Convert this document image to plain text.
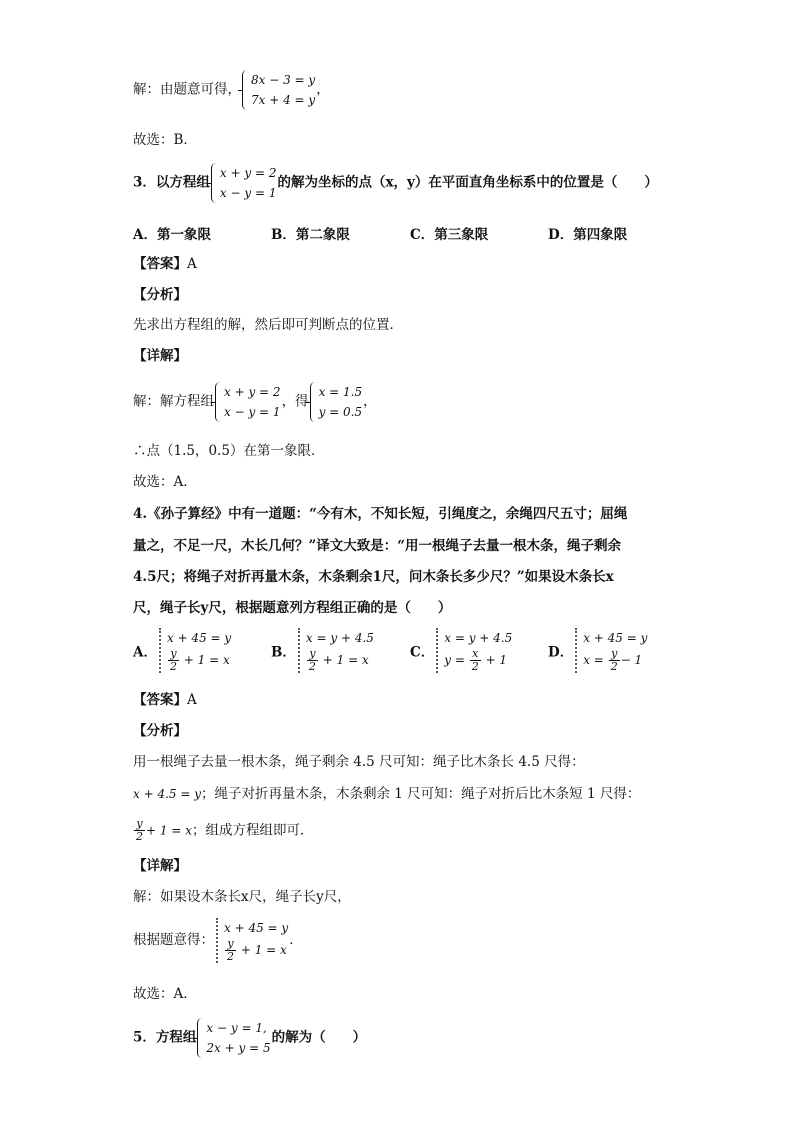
解：由题意可得，
8x − 3 = y
7x + 4 = y
，
故选：B．
3．以方程组
x + y = 2
x − y = 1
的解为坐标的点（x，y）在平面直角坐标系中的位置是（　　）
A．第一象限	B．第二象限	C．第三象限	D．第四象限
【答案】A
【分析】
先求出方程组的解，然后即可判断点的位置．
【详解】
解：解方程组
x + y = 2
x − y = 1
，得
x = 1.5
y = 0.5
，
∴点（1.5，0.5）在第一象限．
故选：A．
4.《孙子算经》中有一道题：“今有木，不知长短，引绳度之，余绳四尺五寸；屈绳
量之，不足一尺，木长几何？”译文大致是：“用一根绳子去量一根木条，绳子剩余
4.5尺；将绳子对折再量木条，木条剩余1尺，问木条长多少尺？”如果设木条长x
尺，绳子长y尺，根据题意列方程组正确的是（　　）
A．
x + 45 = y
$\frac{y}{2} + 1 = x$	B．
x = y + 4.5
$\frac{y}{2} + 1 = x$	C．
x = y + 4.5
$y = \frac{x}{2} + 1$	D．
x + 45 = y
$x = \frac{y}{2} - 1$
【答案】A
【分析】
用一根绳子去量一根木条，绳子剩余 4.5 尺可知：绳子比木条长 4.5 尺得：
x + 4.5 = y；绳子对折再量木条，木条剩余 1 尺可知：绳子对折后比木条短 1 尺得：
$\frac{y}{2} + 1 = x$；组成方程组即可．
【详解】
解：如果设木条长x尺，绳子长y尺，
根据题意得：
x + 45 = y
$\frac{y}{2} + 1 = x$
．
故选：A．
5．方程组
x − y = 1,
2x + y = 5
的解为（　　）
